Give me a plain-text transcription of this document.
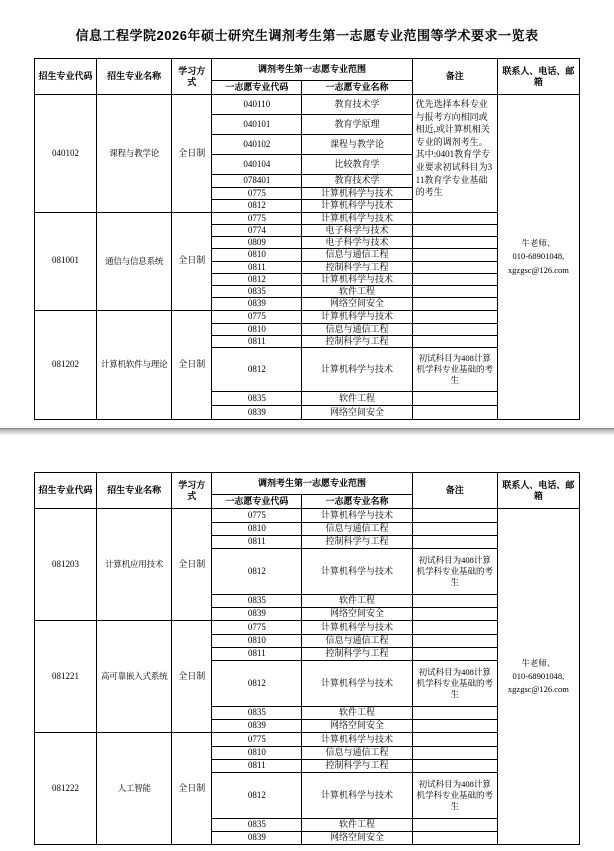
信息工程学院2026年硕士研究生调剂考生第一志愿专业范围等学术要求一览表
招生专业代码	招生专业名称	学习方式	调剂考生第一志愿专业范围		备注	联系人、电话、邮箱
			一志愿专业代码	一志愿专业名称		
040102	课程与教学论	全日制	040110	教育技术学	优先选择本科专业与报考方向相同或相近,或计算机相关专业的调剂考生。
其中:0401教育学专业要求初试科目为311教育学专业基础的考生

牛老师、
010-68901048,
xgzgsc@126.com

			040101	教育学原理		
			040102	课程与教学论		
			040104	比较教育学		
			078401	教育技术学		
			0775	计算机科学与技术		
			0812	计算机科学与技术		
081001	通信与信息系统	全日制	0775	计算机科学与技术		
			0774	电子科学与技术		
			0809	电子科学与技术		
			0810	信息与通信工程		
			0811	控制科学与工程		
			0812	计算机科学与技术		
			0835	软件工程		
			0839	网络空间安全		
081202	计算机软件与理论	全日制	0775	计算机科学与技术		
			0810	信息与通信工程		
			0811	控制科学与工程		
			0812	计算机科学与技术	初试科目为408计算机学科专业基础的考生	
			0835	软件工程		
			0839	网络空间安全		
招生专业代码	招生专业名称	学习方式	调剂考生第一志愿专业范围		备注	联系人、电话、邮箱
			一志愿专业代码	一志愿专业名称		
081203	计算机应用技术	全日制	0775	计算机科学与技术		牛老师、
010-68901048,
xgzgsc@126.com

			0810	信息与通信工程		
			0811	控制科学与工程		
			0812	计算机科学与技术	初试科目为408计算机学科专业基础的考生	
			0835	软件工程		
			0839	网络空间安全		
081221	高可靠嵌入式系统	全日制	0775	计算机科学与技术		
			0810	信息与通信工程		
			0811	控制科学与工程		
			0812	计算机科学与技术	初试科目为408计算机学科专业基础的考生	
			0835	软件工程		
			0839	网络空间安全		
081222	人工智能	全日制	0775	计算机科学与技术		
			0810	信息与通信工程		
			0811	控制科学与工程		
			0812	计算机科学与技术	初试科目为408计算机学科专业基础的考生	
			0835	软件工程		
			0839	网络空间安全		
